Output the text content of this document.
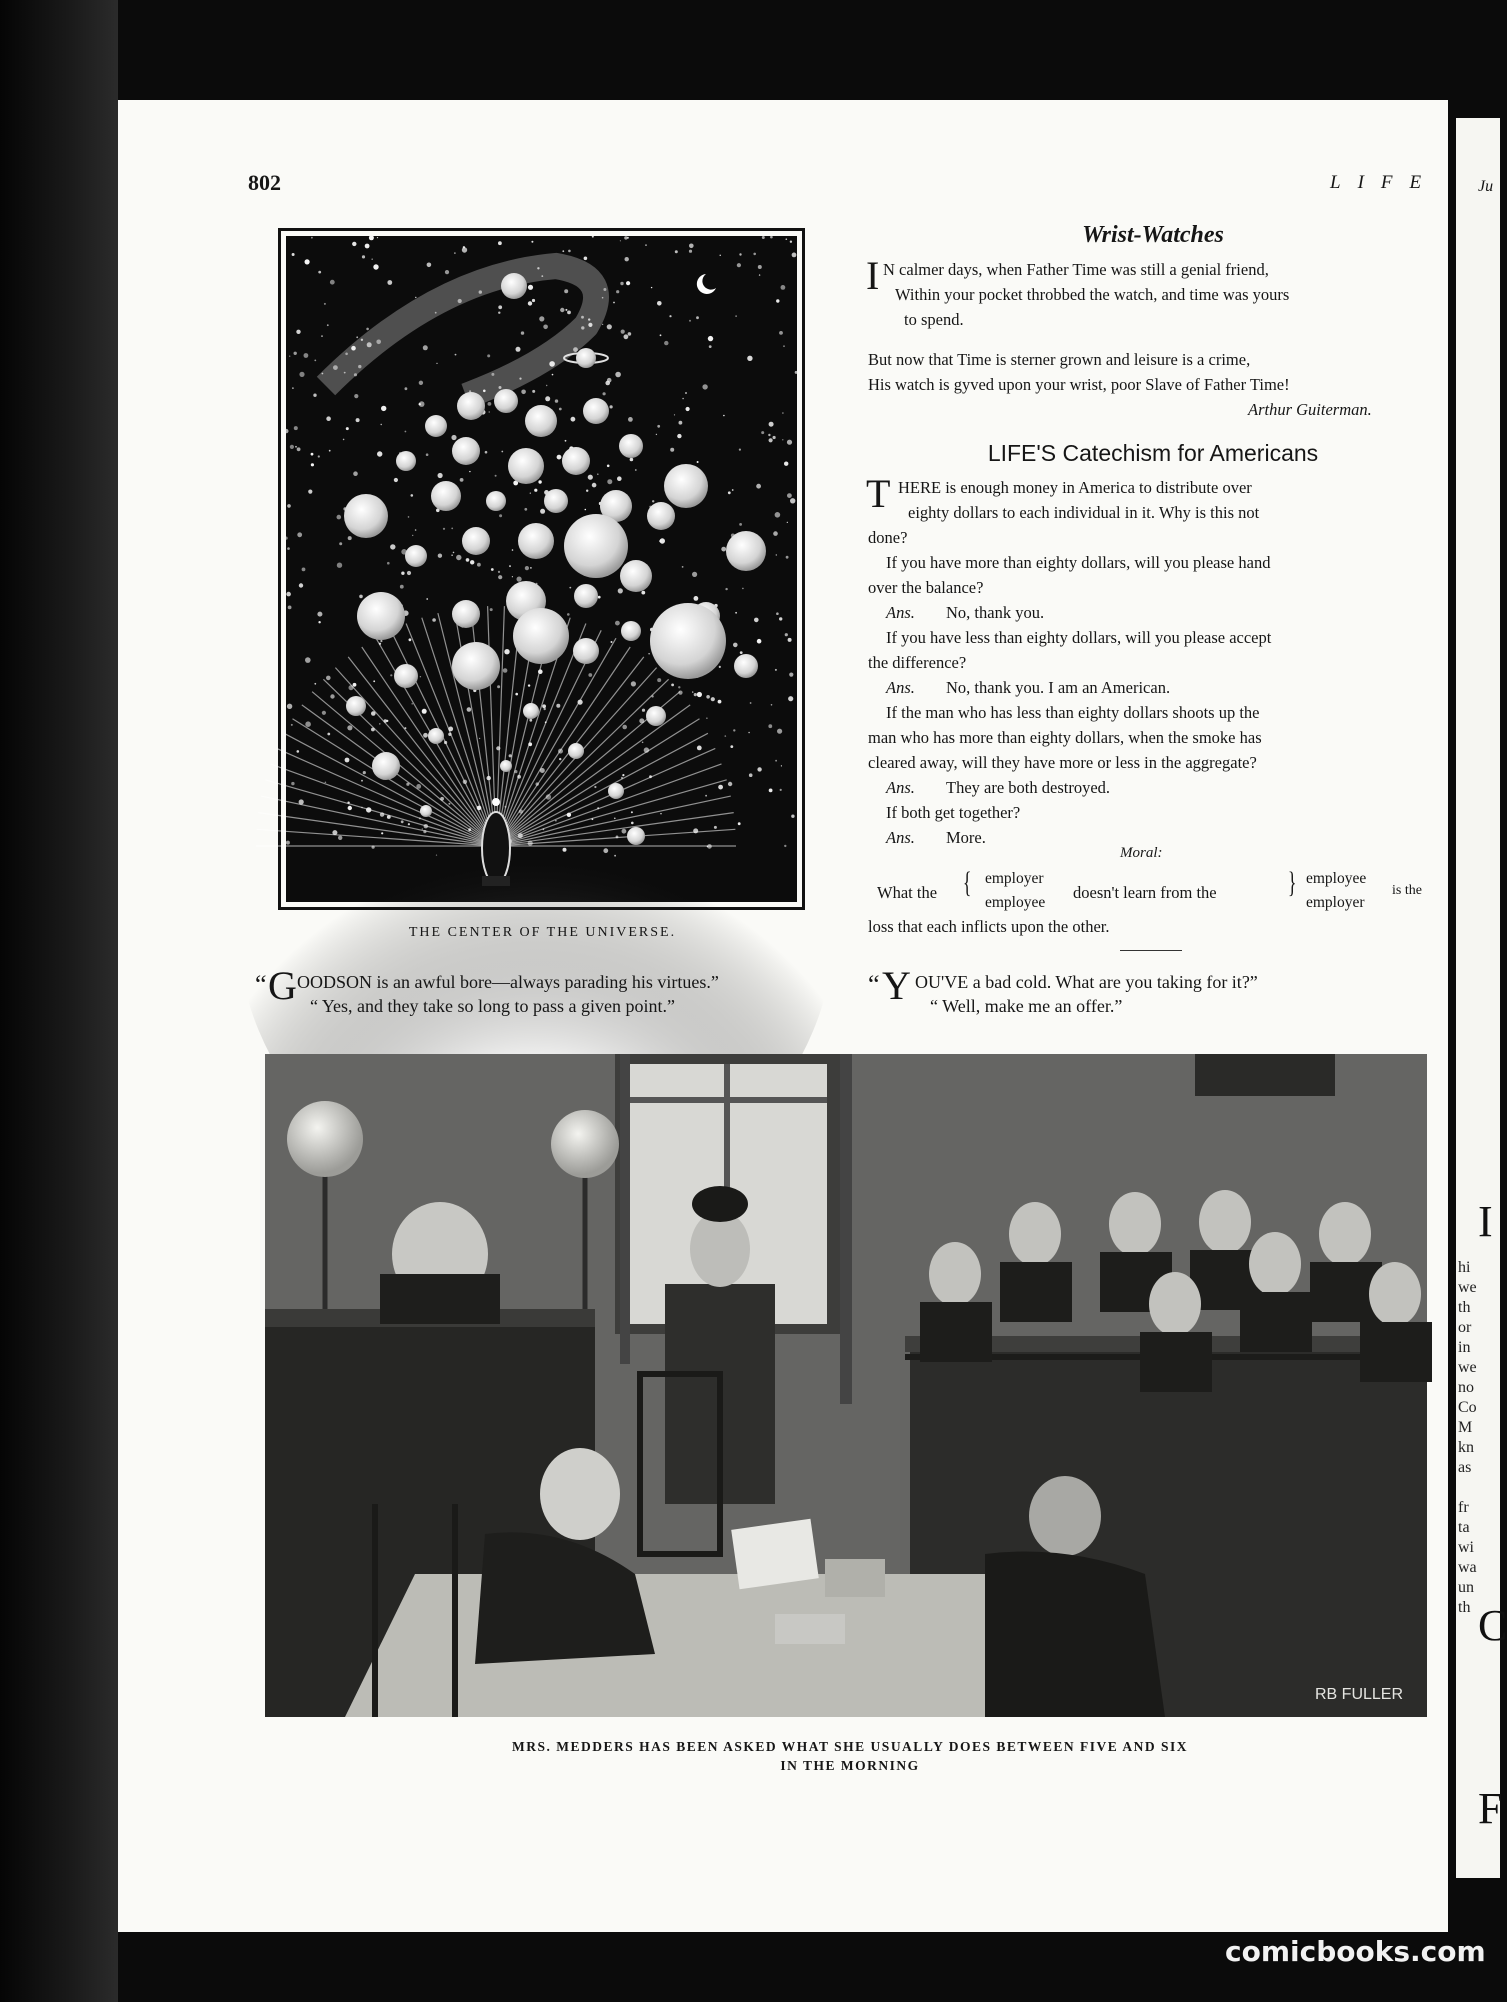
Ju
I
hi
we
th
or
in
we
no
Co
M
kn
as
fr
ta
wi
wa
un
th C
F
802	LIFE
THE CENTER OF THE UNIVERSE.
Wrist-Watches
I N calmer days, when Father Time was still a genial friend,
Within your pocket throbbed the watch, and time was yours
to spend.
But now that Time is sterner grown and leisure is a crime,
His watch is gyved upon your wrist, poor Slave of Father Time!
Arthur Guiterman.
LIFE'S Catechism for Americans
T HERE is enough money in America to distribute over
eighty dollars to each individual in it. Why is this not
done?
If you have more than eighty dollars, will you please hand
over the balance?
Ans. No, thank you.
If you have less than eighty dollars, will you please accept
the difference?
Ans. No, thank you. I am an American.
If the man who has less than eighty dollars shoots up the
man who has more than eighty dollars, when the smoke has
cleared away, will they have more or less in the aggregate?
Ans. They are both destroyed.
If both get together?
Ans. More.
Moral:
What the { employer
employee
doesn't learn from the } employee
employer
is the
loss that each inflicts upon the other.
“ G OODSON is an awful bore—always parading his virtues.”
“ Yes, and they take so long to pass a given point.”
“ Y OU'VE a bad cold. What are you taking for it?”
“ Well, make me an offer.”
RB FULLER
MRS. MEDDERS HAS BEEN ASKED WHAT SHE USUALLY DOES BETWEEN FIVE AND SIX
IN THE MORNING
comicbooks.com
